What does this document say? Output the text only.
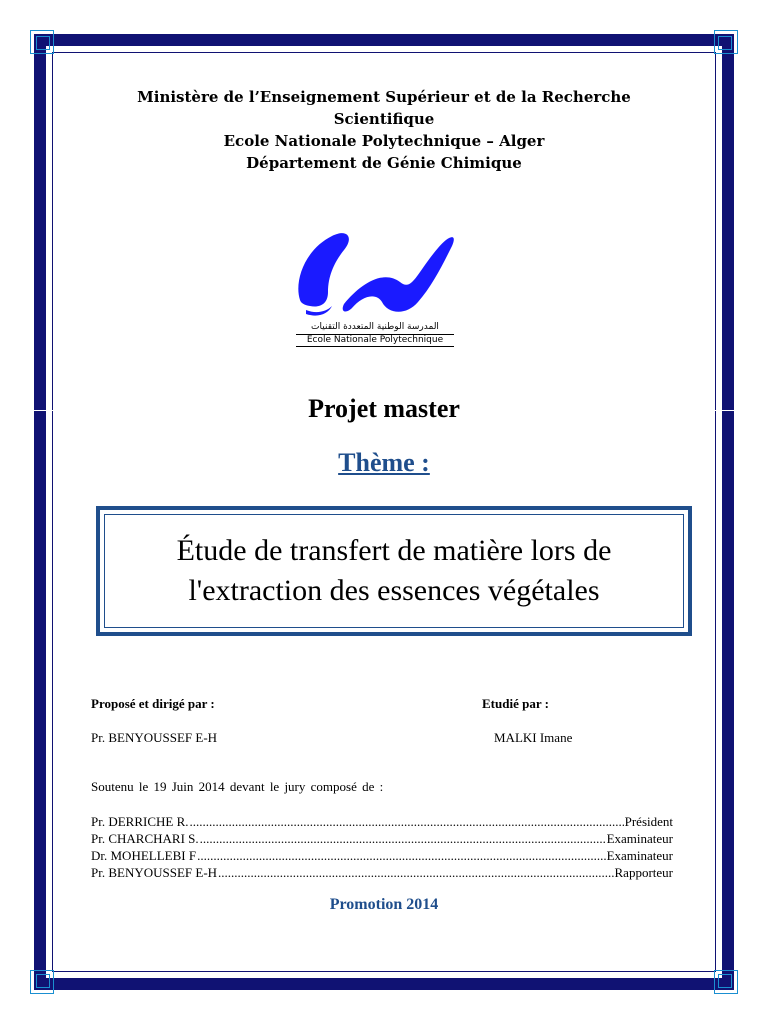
Ministère de l’Enseignement Supérieur et de la Recherche
Scientifique
Ecole Nationale Polytechnique – Alger
Département de Génie Chimique
المدرسة الوطنية المتعددة التقنيات
Ecole Nationale Polytechnique
Projet master
Thème :
Étude de transfert de matière lors de
l'extraction des essences végétales
Proposé et dirigé par :	Etudié par :
Pr. BENYOUSSEF E-H	MALKI Imane
Soutenu le 19 Juin 2014 devant le jury composé de :
Pr. DERRICHE R. .....	Président
Pr. CHARCHARI S. .....	Examinateur
Dr. MOHELLEBI F .....	Examinateur
Pr. BENYOUSSEF E-H .....	Rapporteur
Promotion 2014
